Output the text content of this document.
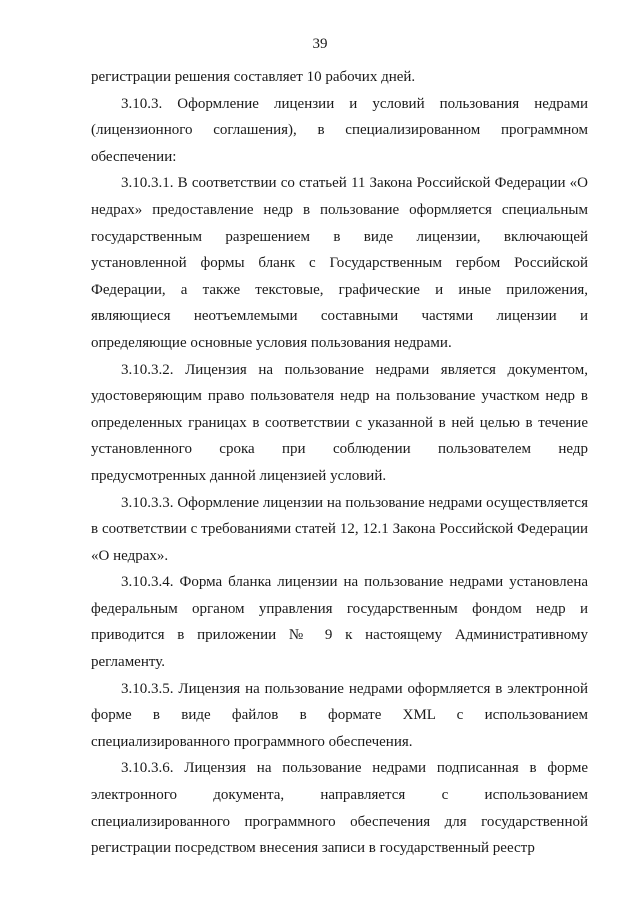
39

регистрации решения составляет 10 рабочих дней.

3.10.3. Оформление лицензии и условий пользования недрами (лицензионного соглашения), в специализированном программном обеспечении:

3.10.3.1. В соответствии со статьей 11 Закона Российской Федерации «О недрах» предоставление недр в пользование оформляется специальным государственным разрешением в виде лицензии, включающей установленной формы бланк с Государственным гербом Российской Федерации, а также текстовые, графические и иные приложения, являющиеся неотъемлемыми составными частями лицензии и определяющие основные условия пользования недрами.

3.10.3.2. Лицензия на пользование недрами является документом, удостоверяющим право пользователя недр на пользование участком недр в определенных границах в соответствии с указанной в ней целью в течение установленного срока при соблюдении пользователем недр предусмотренных данной лицензией условий.

3.10.3.3. Оформление лицензии на пользование недрами осуществляется в соответствии с требованиями статей 12, 12.1 Закона Российской Федерации «О недрах».

3.10.3.4. Форма бланка лицензии на пользование недрами установлена федеральным органом управления государственным фондом недр и приводится в приложении № 9 к настоящему Административному регламенту.

3.10.3.5. Лицензия на пользование недрами оформляется в электронной форме в виде файлов в формате XML с использованием специализированного программного обеспечения.

3.10.3.6. Лицензия на пользование недрами подписанная в форме электронного документа, направляется с использованием специализированного программного обеспечения для государственной регистрации посредством внесения записи в государственный реестр
